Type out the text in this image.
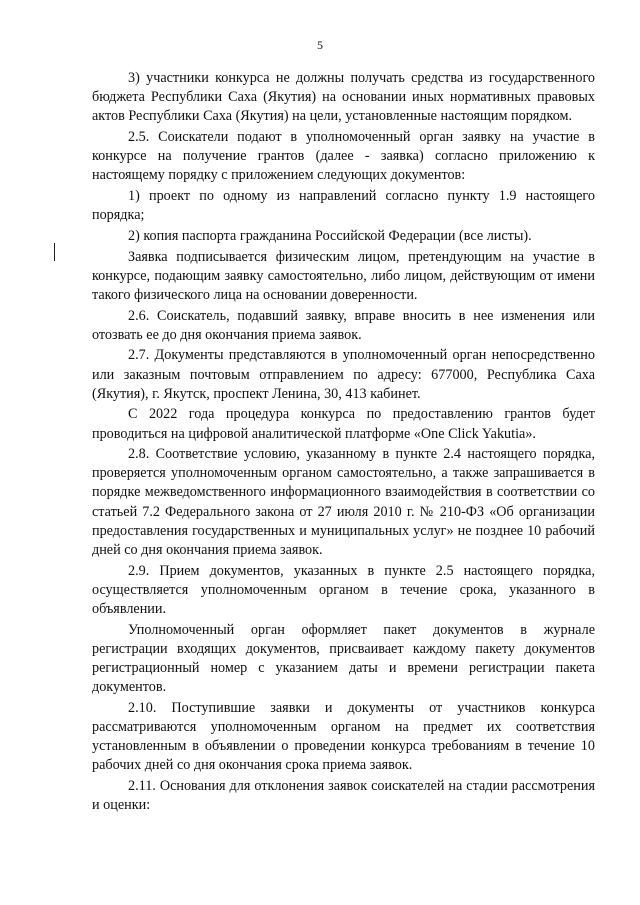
5

3) участники конкурса не должны получать средства из государственного бюджета Республики Саха (Якутия) на основании иных нормативных правовых актов Республики Саха (Якутия) на цели, установленные настоящим порядком.

2.5. Соискатели подают в уполномоченный орган заявку на участие в конкурсе на получение грантов (далее - заявка) согласно приложению к настоящему порядку с приложением следующих документов:

1) проект по одному из направлений согласно пункту 1.9 настоящего порядка;

2) копия паспорта гражданина Российской Федерации (все листы).

Заявка подписывается физическим лицом, претендующим на участие в конкурсе, подающим заявку самостоятельно, либо лицом, действующим от имени такого физического лица на основании доверенности.

2.6. Соискатель, подавший заявку, вправе вносить в нее изменения или отозвать ее до дня окончания приема заявок.

2.7. Документы представляются в уполномоченный орган непосредственно или заказным почтовым отправлением по адресу: 677000, Республика Саха (Якутия), г. Якутск, проспект Ленина, 30, 413 кабинет.

С 2022 года процедура конкурса по предоставлению грантов будет проводиться на цифровой аналитической платформе «One Click Yakutia».

2.8. Соответствие условию, указанному в пункте 2.4 настоящего порядка, проверяется уполномоченным органом самостоятельно, а также запрашивается в порядке межведомственного информационного взаимодействия в соответствии со статьей 7.2 Федерального закона от 27 июля 2010 г. № 210-ФЗ «Об организации предоставления государственных и муниципальных услуг» не позднее 10 рабочий дней со дня окончания приема заявок.

2.9. Прием документов, указанных в пункте 2.5 настоящего порядка, осуществляется уполномоченным органом в течение срока, указанного в объявлении.

Уполномоченный орган оформляет пакет документов в журнале регистрации входящих документов, присваивает каждому пакету документов регистрационный номер с указанием даты и времени регистрации пакета документов.

2.10. Поступившие заявки и документы от участников конкурса рассматриваются уполномоченным органом на предмет их соответствия установленным в объявлении о проведении конкурса требованиям в течение 10 рабочих дней со дня окончания срока приема заявок.

2.11. Основания для отклонения заявок соискателей на стадии рассмотрения и оценки:
